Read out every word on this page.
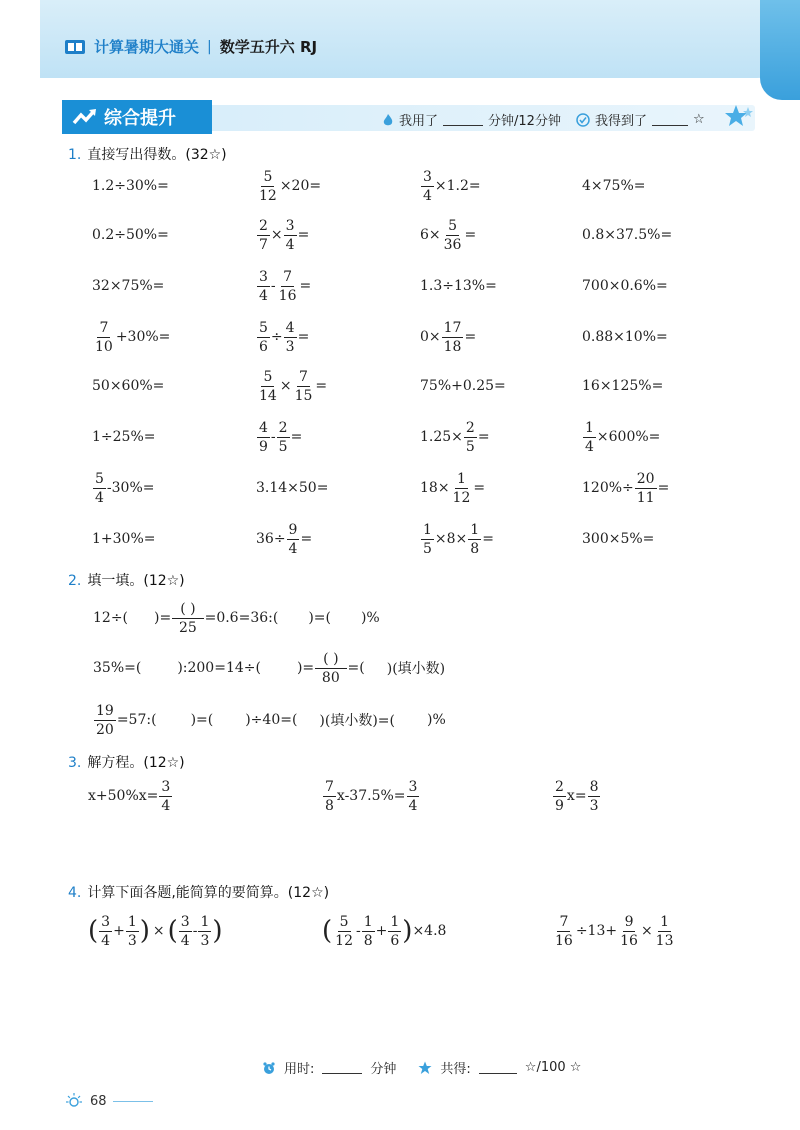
计算暑期大通关 | 数学五升六 RJ
综合提升	我用了	分钟/12分钟	我得到了	☆
1. 直接写出得数。(32☆)
1.2÷30%=	$\frac{5}{12} \times 20=$	$\frac{3}{4} \times 1.2=$	4×75%=
0.2÷50%=	$\frac{2}{7} \times \frac{3}{4}$ =	$6\times \frac{5}{36}$ =	0.8×37.5%=
32×75%=	$\frac{3}{4} - \frac{7}{16}$ =	1.3÷13%=	700×0.6%=
$\frac{7}{10} +30\%=$	$\frac{5}{6} \div \frac{4}{3}$ =	$0\times \frac{17}{18}$ =	0.88×10%=
50×60%=	$\frac{5}{14} \times \frac{7}{15}$ =	75%+0.25=	16×125%=
1÷25%=	$\frac{4}{9} - \frac{2}{5}$ =	$1.25\times \frac{2}{5}$ =	$\frac{1}{4} \times 600\%=$
$\frac{5}{4} -30\%=$	3.14×50=	$18\times \frac{1}{12}$ =	$120\%\div \frac{20}{11}$ =
1+30%=	$36\div \frac{9}{4}$ =	$\frac{1}{5} \times 8\times \frac{1}{8}$ =	300×5%=
2. 填一填。(12☆)
12÷( )= $\frac{( )}{25}$ =0.6=36:( )=( )%
35%=(	):200=14÷(	)= $\frac{( )}{80}$ =( )(填小数)
$\frac{19}{20}$ =57:( )=( )÷40=( )(填小数)=( )%
3. 解方程。(12☆)
$x+50\%x= \frac{3}{4}$	$\frac{7}{8} x-37.5\%= \frac{3}{4}$	$\frac{2}{9} x= \frac{8}{3}$
4. 计算下面各题,能简算的要简算。(12☆)
( $\frac{3}{4} + \frac{1}{3}$ ) × ( $\frac{3}{4} - \frac{1}{3}$ )	( $\frac{5}{12} - \frac{1}{8} + \frac{1}{6}$ ) ×4.8	$\frac{7}{16} \div 13+ \frac{9}{16} \times \frac{1}{13}$
用时:	分钟	共得:	☆/100 ☆
68
